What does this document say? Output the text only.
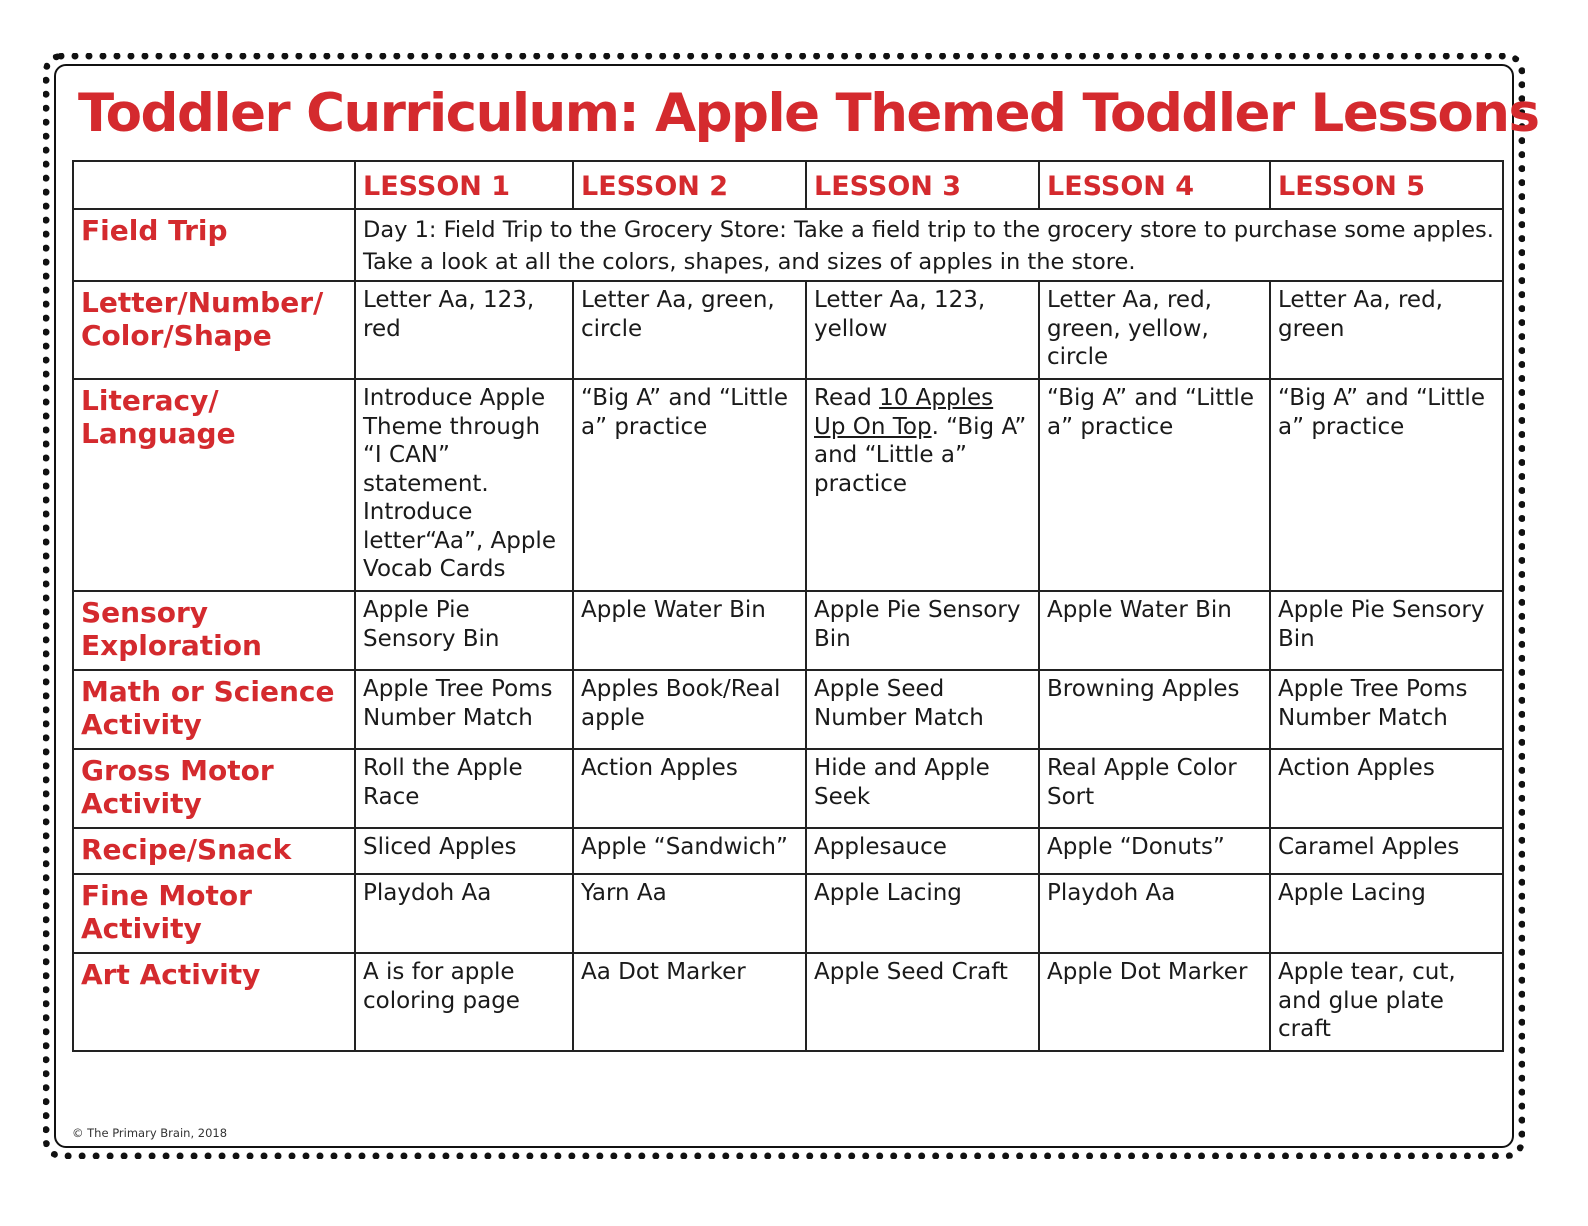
Toddler Curriculum: Apple Themed Toddler Lessons
	LESSON 1	LESSON 2	LESSON 3	LESSON 4	LESSON 5
Field Trip	Day 1: Field Trip to the Grocery Store: Take a field trip to the grocery store to purchase some apples. Take a look at all the colors, shapes, and sizes of apples in the store.				
Letter/Number/ Color/Shape	Letter Aa, 123, red	Letter Aa, green, circle	Letter Aa, 123, yellow	Letter Aa, red, green, yellow, circle	Letter Aa, red, green
Literacy/ Language	Introduce Apple Theme through “I CAN” statement. Introduce letter“Aa”, Apple Vocab Cards	“Big A” and “Little a” practice	Read 10 Apples Up On Top. “Big A” and “Little a” practice	“Big A” and “Little a” practice	“Big A” and “Little a” practice
Sensory Exploration	Apple Pie Sensory Bin	Apple Water Bin	Apple Pie Sensory Bin	Apple Water Bin	Apple Pie Sensory Bin
Math or Science Activity	Apple Tree Poms Number Match	Apples Book/Real apple	Apple Seed Number Match	Browning Apples	Apple Tree Poms Number Match
Gross Motor Activity	Roll the Apple Race	Action Apples	Hide and Apple Seek	Real Apple Color Sort	Action Apples
Recipe/Snack	Sliced Apples	Apple “Sandwich”	Applesauce	Apple “Donuts”	Caramel Apples
Fine Motor Activity	Playdoh Aa	Yarn Aa	Apple Lacing	Playdoh Aa	Apple Lacing
Art Activity	A is for apple coloring page	Aa Dot Marker	Apple Seed Craft	Apple Dot Marker	Apple tear, cut, and glue plate craft
© The Primary Brain, 2018
